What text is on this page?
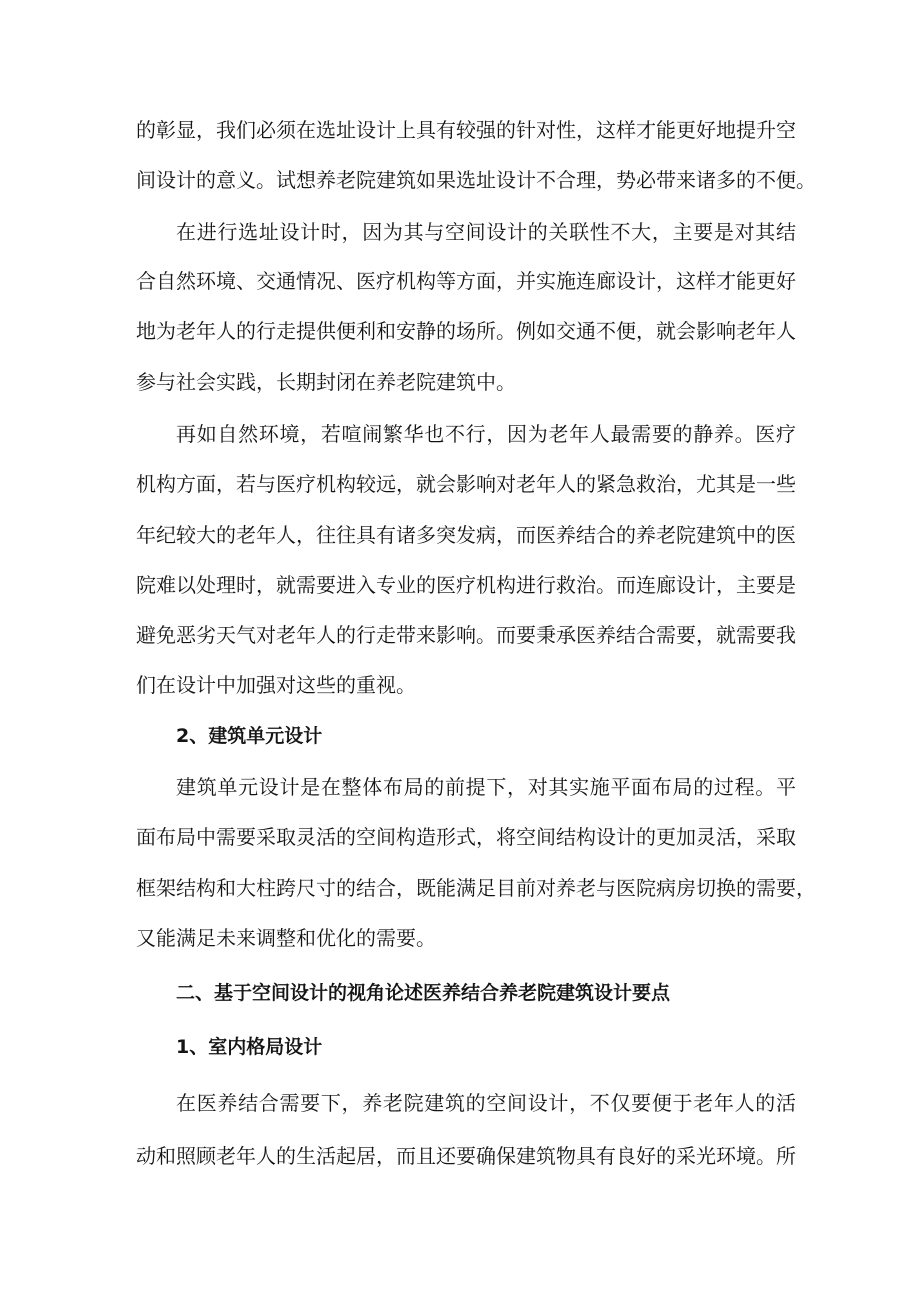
的彰显，我们必须在选址设计上具有较强的针对性，这样才能更好地提升空
间设计的意义。试想养老院建筑如果选址设计不合理，势必带来诸多的不便。
在进行选址设计时，因为其与空间设计的关联性不大，主要是对其结
合自然环境、交通情况、医疗机构等方面，并实施连廊设计，这样才能更好
地为老年人的行走提供便利和安静的场所。例如交通不便，就会影响老年人
参与社会实践，长期封闭在养老院建筑中。
再如自然环境，若喧闹繁华也不行，因为老年人最需要的静养。医疗
机构方面，若与医疗机构较远，就会影响对老年人的紧急救治，尤其是一些
年纪较大的老年人，往往具有诸多突发病，而医养结合的养老院建筑中的医
院难以处理时，就需要进入专业的医疗机构进行救治。而连廊设计，主要是
避免恶劣天气对老年人的行走带来影响。而要秉承医养结合需要，就需要我
们在设计中加强对这些的重视。
2、建筑单元设计
建筑单元设计是在整体布局的前提下，对其实施平面布局的过程。平
面布局中需要采取灵活的空间构造形式，将空间结构设计的更加灵活，采取
框架结构和大柱跨尺寸的结合，既能满足目前对养老与医院病房切换的需要，
又能满足未来调整和优化的需要。
二、基于空间设计的视角论述医养结合养老院建筑设计要点
1、室内格局设计
在医养结合需要下，养老院建筑的空间设计，不仅要便于老年人的活
动和照顾老年人的生活起居，而且还要确保建筑物具有良好的采光环境。所
